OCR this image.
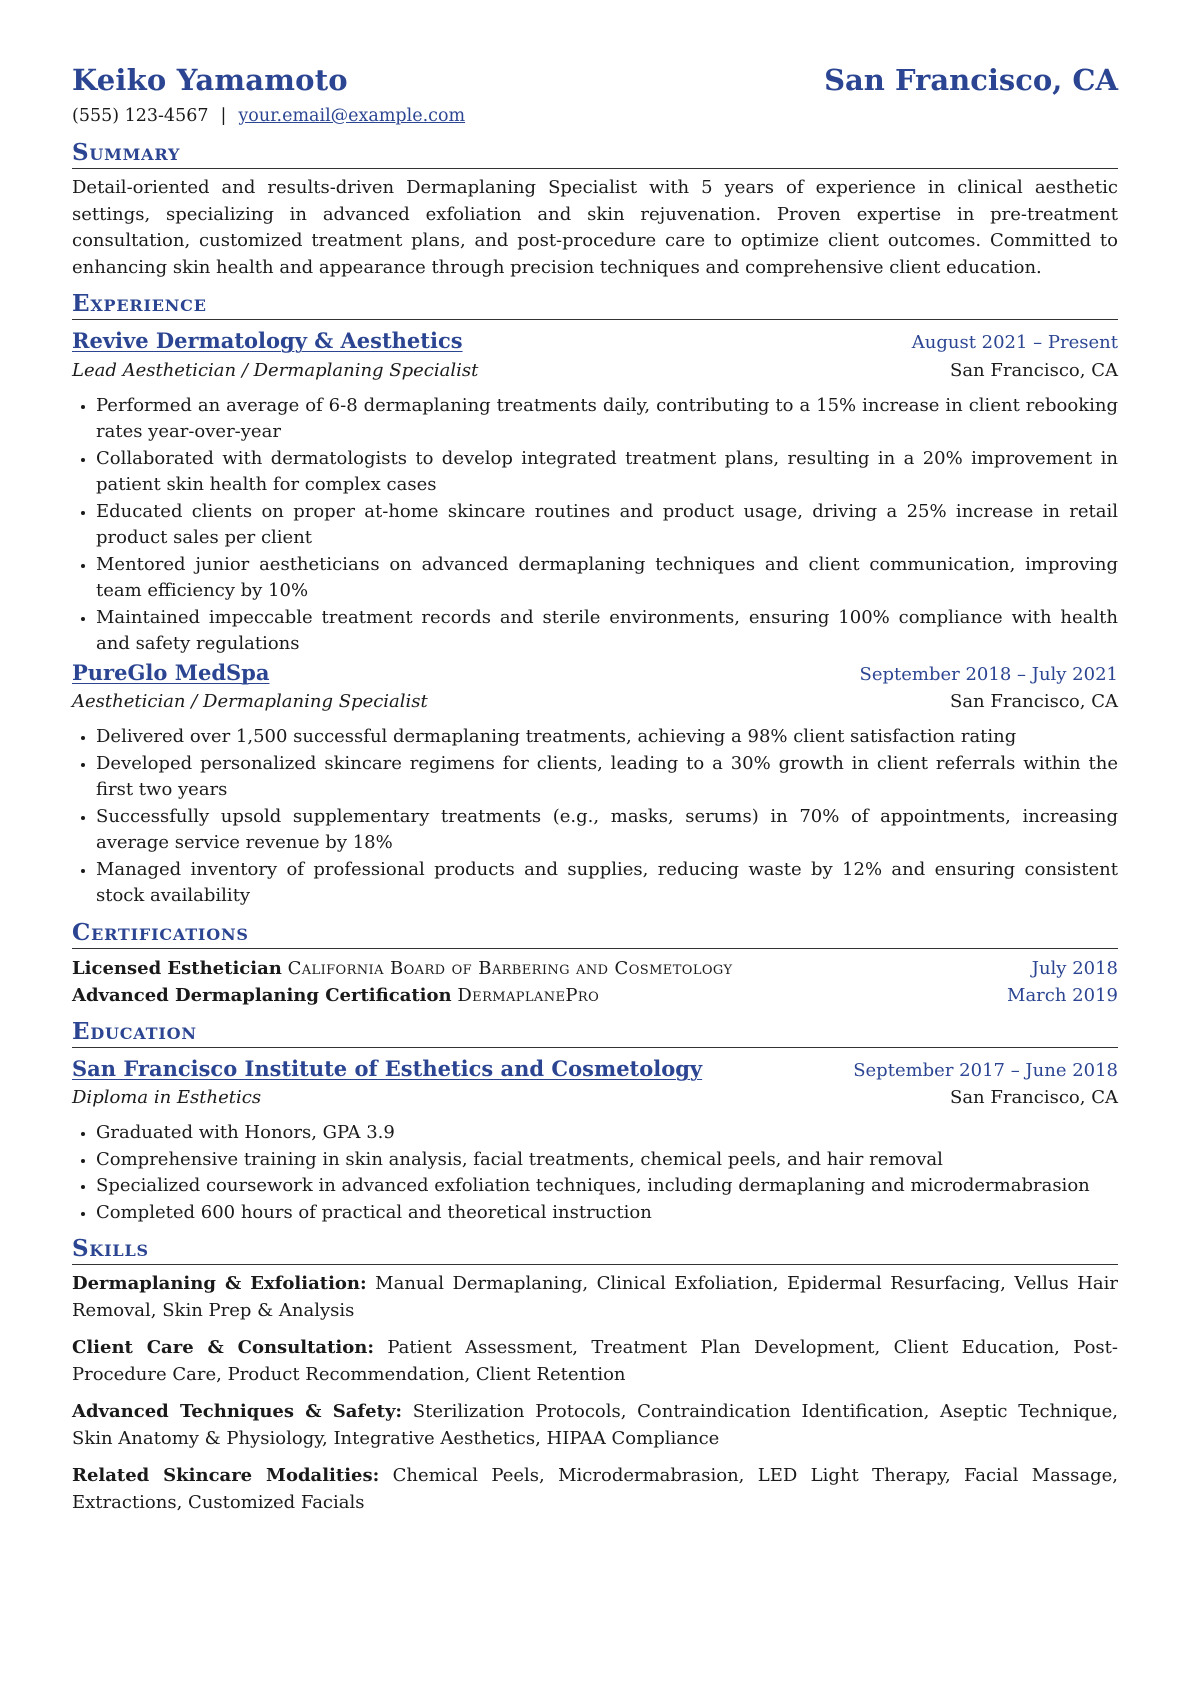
Keiko Yamamoto	San Francisco, CA
(555) 123-4567 | your.email@example.com
Summary
Detail-oriented and results-driven Dermaplaning Specialist with 5 years of experience in clinical aesthetic settings, specializing in advanced exfoliation and skin rejuvenation. Proven expertise in pre-treatment consultation, customized treatment plans, and post-procedure care to optimize client outcomes. Committed to enhancing skin health and appearance through precision techniques and comprehensive client education.
Experience
Revive Dermatology & Aesthetics	August 2021 – Present
Lead Aesthetician / Dermaplaning Specialist	San Francisco, CA
• Performed an average of 6-8 dermaplaning treatments daily, contributing to a 15% increase in client rebooking rates year-over-year
• Collaborated with dermatologists to develop integrated treatment plans, resulting in a 20% improvement in patient skin health for complex cases
• Educated clients on proper at-home skincare routines and product usage, driving a 25% increase in retail product sales per client
• Mentored junior aestheticians on advanced dermaplaning techniques and client communication, improving team efficiency by 10%
• Maintained impeccable treatment records and sterile environments, ensuring 100% compliance with health and safety regulations
PureGlo MedSpa	September 2018 – July 2021
Aesthetician / Dermaplaning Specialist	San Francisco, CA
• Delivered over 1,500 successful dermaplaning treatments, achieving a 98% client satisfaction rating
• Developed personalized skincare regimens for clients, leading to a 30% growth in client referrals within the first two years
• Successfully upsold supplementary treatments (e.g., masks, serums) in 70% of appointments, increasing average service revenue by 18%
• Managed inventory of professional products and supplies, reducing waste by 12% and ensuring consistent stock availability
Certifications
Licensed Esthetician California Board of Barbering and Cosmetology	July 2018
Advanced Dermaplaning Certification DermaplanePro	March 2019
Education
San Francisco Institute of Esthetics and Cosmetology	September 2017 – June 2018
Diploma in Esthetics	San Francisco, CA
• Graduated with Honors, GPA 3.9
• Comprehensive training in skin analysis, facial treatments, chemical peels, and hair removal
• Specialized coursework in advanced exfoliation techniques, including dermaplaning and microdermabrasion
• Completed 600 hours of practical and theoretical instruction
Skills
Dermaplaning & Exfoliation: Manual Dermaplaning, Clinical Exfoliation, Epidermal Resurfacing, Vellus Hair Removal, Skin Prep & Analysis
Client Care & Consultation: Patient Assessment, Treatment Plan Development, Client Education, Post-Procedure Care, Product Recommendation, Client Retention
Advanced Techniques & Safety: Sterilization Protocols, Contraindication Identification, Aseptic Technique, Skin Anatomy & Physiology, Integrative Aesthetics, HIPAA Compliance
Related Skincare Modalities: Chemical Peels, Microdermabrasion, LED Light Therapy, Facial Massage, Extractions, Customized Facials
